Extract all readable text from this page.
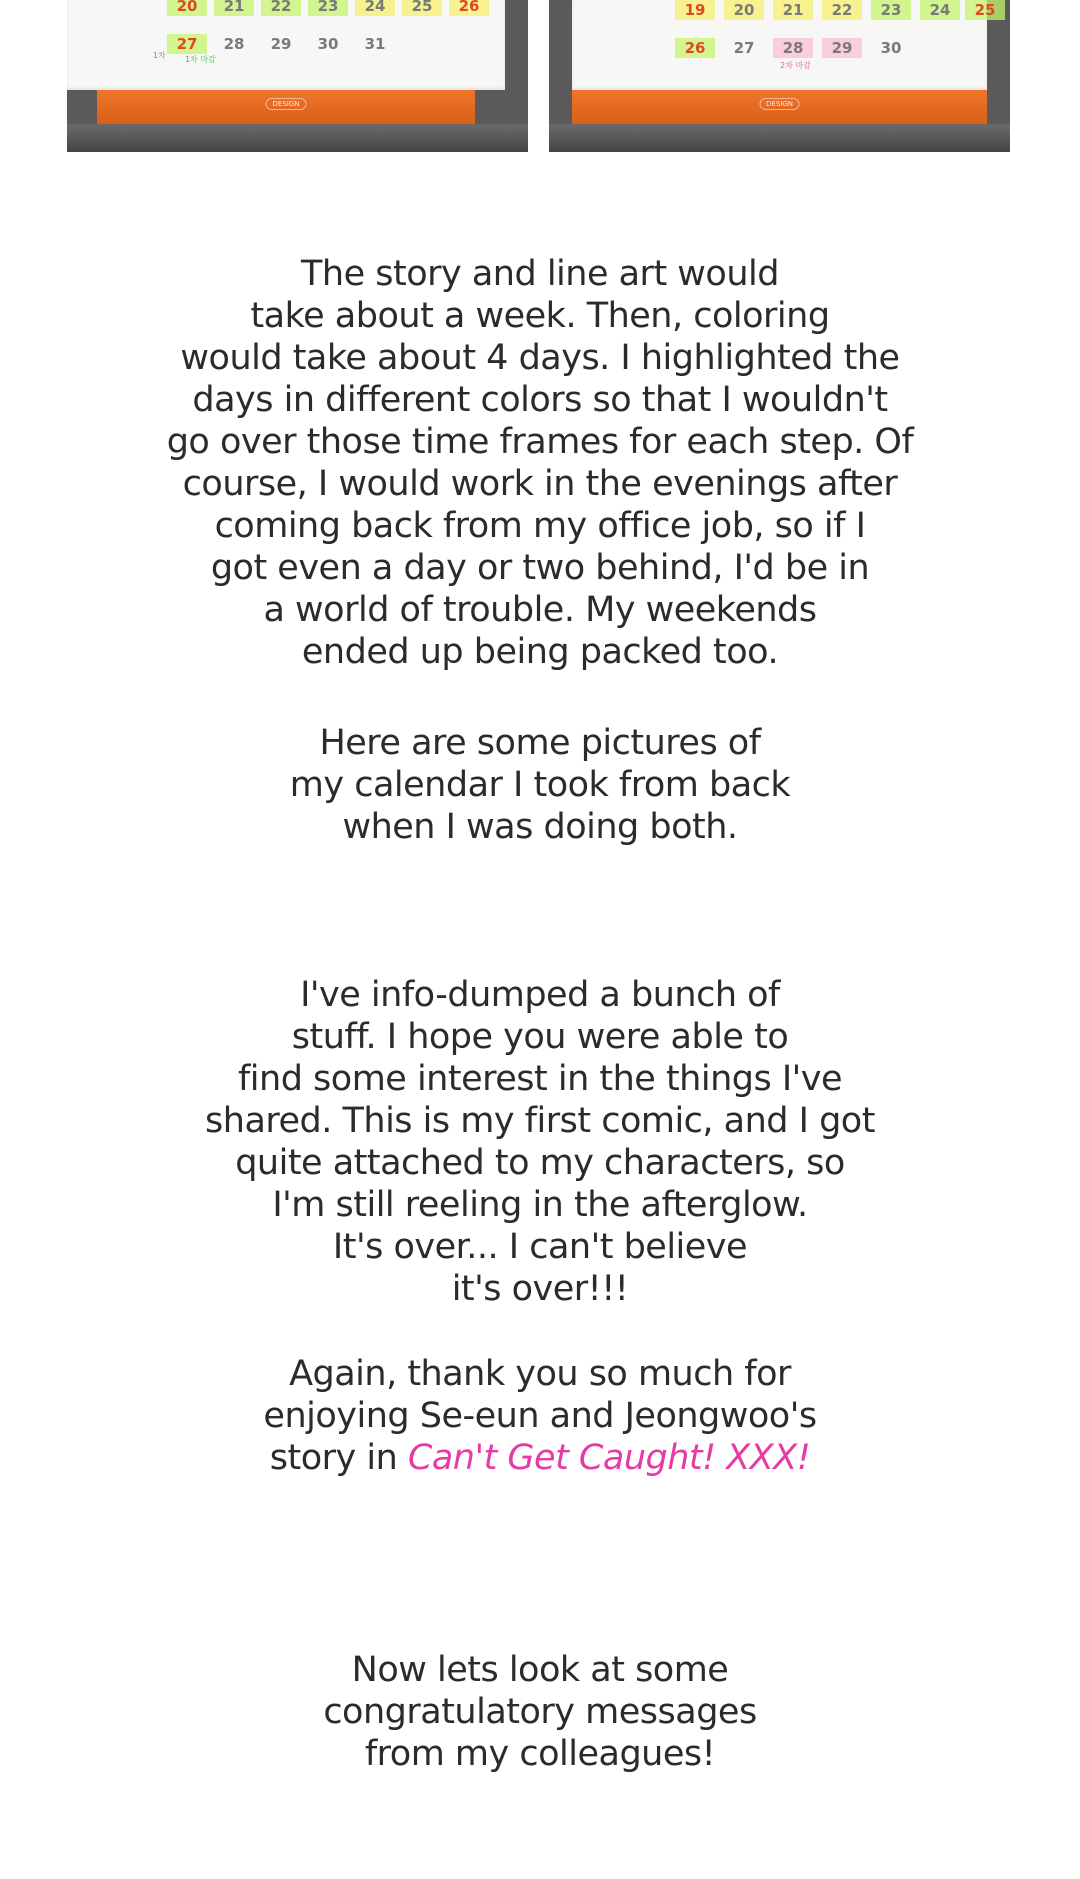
20	21	22	23	24	25	26
27	28	29	30	31
1차 1차 마감
DESIGN
19	20	21	22	23	24	25
26	27	28	29	30
2차 마감
DESIGN
The story and line art would
take about a week. Then, coloring
would take about 4 days. I highlighted the
days in different colors so that I wouldn't
go over those time frames for each step. Of
course, I would work in the evenings after
coming back from my office job, so if I
got even a day or two behind, I'd be in
a world of trouble. My weekends
ended up being packed too.
Here are some pictures of
my calendar I took from back
when I was doing both.
I've info-dumped a bunch of
stuff. I hope you were able to
find some interest in the things I've
shared. This is my first comic, and I got
quite attached to my characters, so
I'm still reeling in the afterglow.
It's over... I can't believe
it's over!!!
Again, thank you so much for
enjoying Se-eun and Jeongwoo's
story in Can't Get Caught! XXX!
Now lets look at some
congratulatory messages
from my colleagues!
